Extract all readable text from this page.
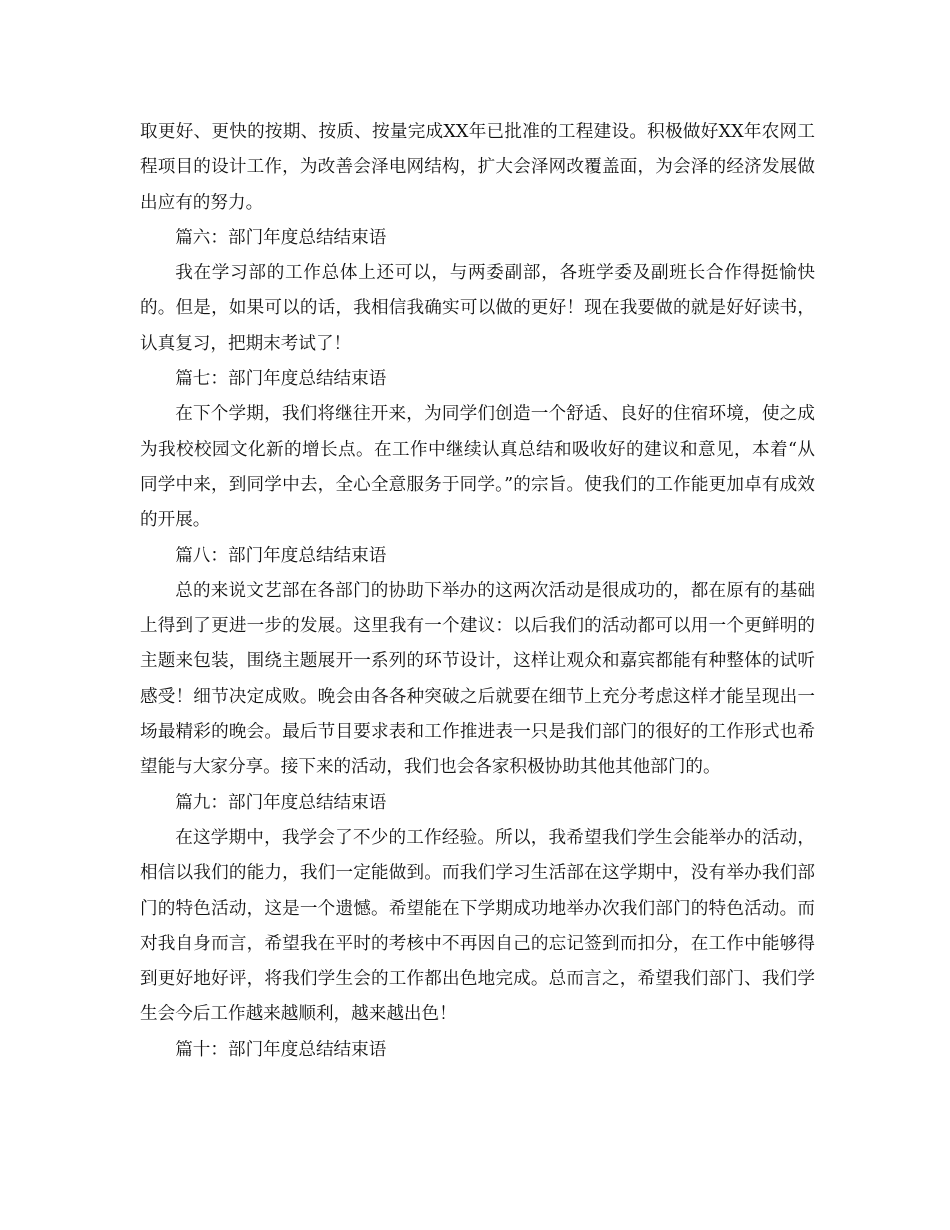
取更好、更快的按期、按质、按量完成XX年已批准的工程建设。积极做好XX年农网工程项目的设计工作，为改善会泽电网结构，扩大会泽网改覆盖面，为会泽的经济发展做出应有的努力。

篇六：部门年度总结结束语

我在学习部的工作总体上还可以，与两委副部，各班学委及副班长合作得挺愉快的。但是，如果可以的话，我相信我确实可以做的更好！现在我要做的就是好好读书，认真复习，把期末考试了！

篇七：部门年度总结结束语

在下个学期，我们将继往开来，为同学们创造一个舒适、良好的住宿环境，使之成为我校校园文化新的增长点。在工作中继续认真总结和吸收好的建议和意见，本着“从同学中来，到同学中去，全心全意服务于同学。”的宗旨。使我们的工作能更加卓有成效的开展。

篇八：部门年度总结结束语

总的来说文艺部在各部门的协助下举办的这两次活动是很成功的，都在原有的基础上得到了更进一步的发展。这里我有一个建议：以后我们的活动都可以用一个更鲜明的主题来包装，围绕主题展开一系列的环节设计，这样让观众和嘉宾都能有种整体的试听感受！细节决定成败。晚会由各各种突破之后就要在细节上充分考虑这样才能呈现出一场最精彩的晚会。最后节目要求表和工作推进表一只是我们部门的很好的工作形式也希望能与大家分享。接下来的活动，我们也会各家积极协助其他其他部门的。

篇九：部门年度总结结束语

在这学期中，我学会了不少的工作经验。所以，我希望我们学生会能举办的活动，相信以我们的能力，我们一定能做到。而我们学习生活部在这学期中，没有举办我们部门的特色活动，这是一个遗憾。希望能在下学期成功地举办次我们部门的特色活动。而对我自身而言，希望我在平时的考核中不再因自己的忘记签到而扣分，在工作中能够得到更好地好评，将我们学生会的工作都出色地完成。总而言之，希望我们部门、我们学生会今后工作越来越顺利，越来越出色！

篇十：部门年度总结结束语
